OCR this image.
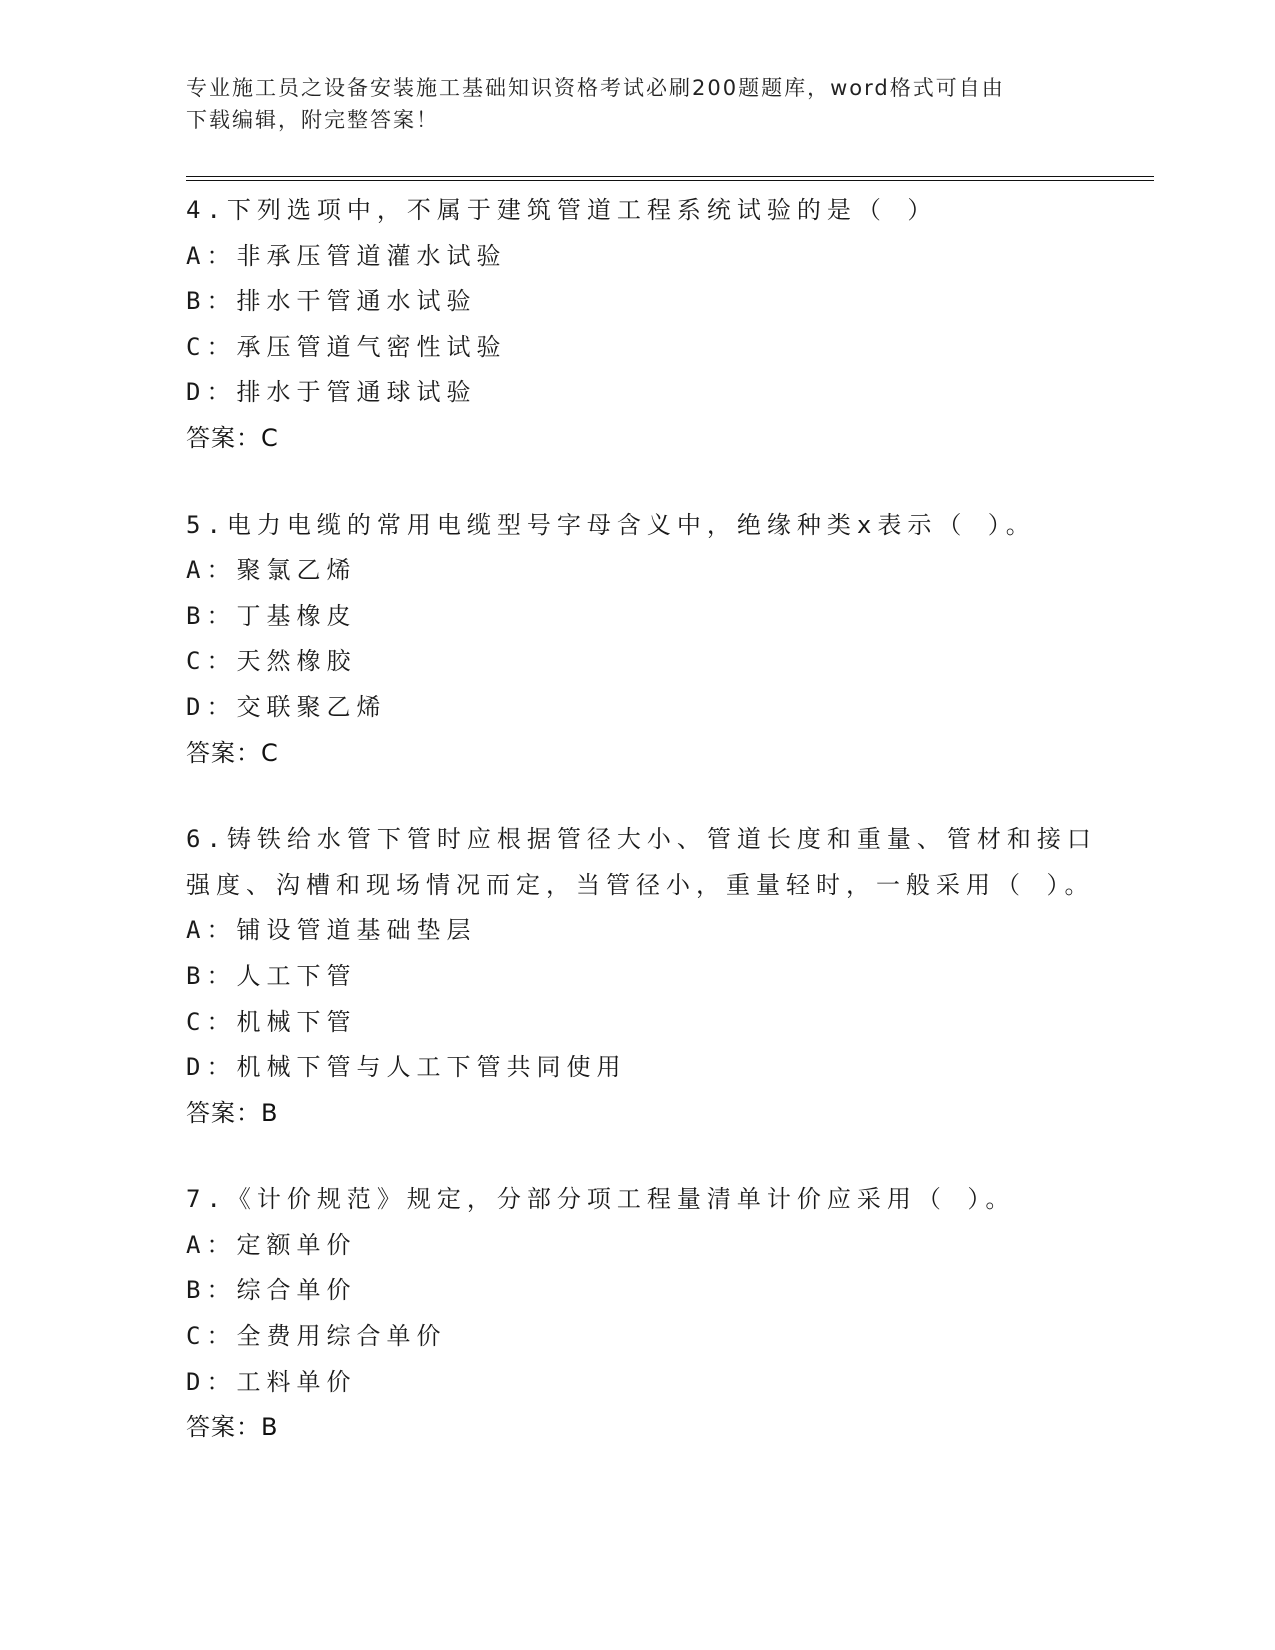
专业施工员之设备安装施工基础知识资格考试必刷200题题库，word格式可自由
下载编辑，附完整答案！
4.下列选项中，不属于建筑管道工程系统试验的是（ ）
A：非承压管道灌水试验
B：排水干管通水试验
C：承压管道气密性试验
D：排水于管通球试验
答案：C
5.电力电缆的常用电缆型号字母含义中，绝缘种类x表示（ ）。
A：聚氯乙烯
B：丁基橡皮
C：天然橡胶
D：交联聚乙烯
答案：C
6.铸铁给水管下管时应根据管径大小、管道长度和重量、管材和接口强度、沟槽和现场情况而定，当管径小，重量轻时，一般采用（ ）。
A：铺设管道基础垫层
B：人工下管
C：机械下管
D：机械下管与人工下管共同使用
答案：B
7.《计价规范》规定，分部分项工程量清单计价应采用（ ）。
A：定额单价
B：综合单价
C：全费用综合单价
D：工料单价
答案：B
